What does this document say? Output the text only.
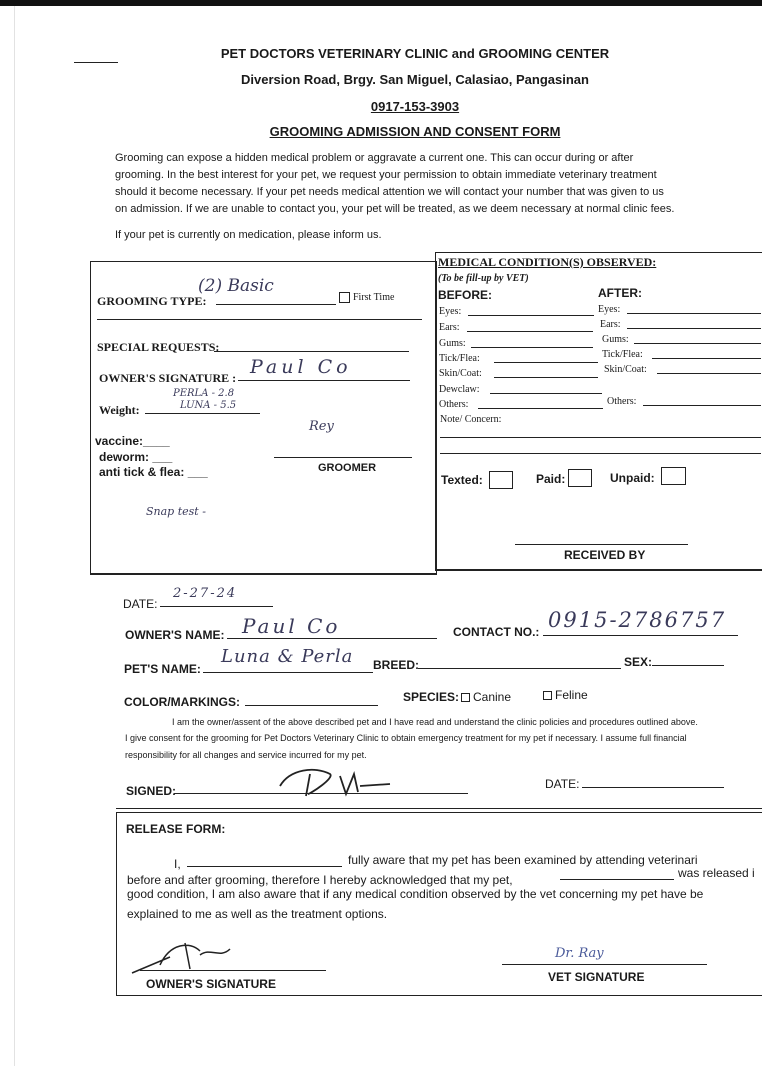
PET DOCTORS VETERINARY CLINIC and GROOMING CENTER
Diversion Road, Brgy. San Miguel, Calasiao, Pangasinan
0917-153-3903
GROOMING ADMISSION AND CONSENT FORM
Grooming can expose a hidden medical problem or aggravate a current one. This can occur during or after
grooming. In the best interest for your pet, we request your permission to obtain immediate veterinary treatment
should it become necessary. If your pet needs medical attention we will contact your number that was given to us
on admission. If we are unable to contact you, your pet will be treated, as we deem necessary at normal clinic fees.
If your pet is currently on medication, please inform us.
GROOMING TYPE:
(2) Basic
First Time
SPECIAL REQUESTS:
OWNER'S SIGNATURE : Paul Co
Weight:
PERLA - 2.8
LUNA - 5.5
Rey
GROOMER
vaccine:____
deworm: ___
anti tick & flea: ___
Snap test -
MEDICAL CONDITION(S) OBSERVED:
(To be fill-up by VET)
BEFORE:	AFTER:
Eyes:
Ears:
Gums:
Tick/Flea:
Skin/Coat:
Dewclaw:
Others:
Eyes:
Ears:
Gums:
Tick/Flea:
Skin/Coat:
Others:
Note/ Concern:
Texted:	Paid:	Unpaid:
RECEIVED BY
DATE:
2-27-24
OWNER'S NAME: Paul Co	CONTACT NO.: 0915-2786757
PET'S NAME:
Luna & Perla BREED:	SEX:
COLOR/MARKINGS:	SPECIES:	Canine	Feline
I am the owner/assent of the above described pet and I have read and understand the clinic policies and procedures outlined above.
I give consent for the grooming for Pet Doctors Veterinary Clinic to obtain emergency treatment for my pet if necessary. I assume full financial
responsibility for all changes and service incurred for my pet.
SIGNED:	DATE:
RELEASE FORM:
I,	fully aware that my pet has been examined by attending veterinari
before and after grooming, therefore I hereby acknowledged that my pet,	was released i
good condition, I am also aware that if any medical condition observed by the vet concerning my pet have be
explained to me as well as the treatment options.
OWNER'S SIGNATURE
Dr. Ray
VET SIGNATURE
